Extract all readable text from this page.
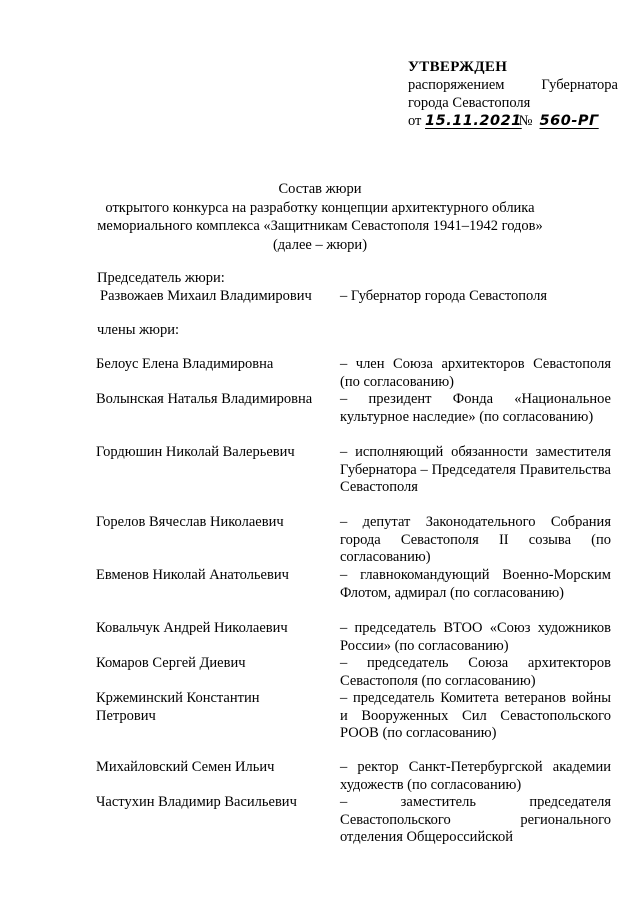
УТВЕРЖДЕН
распоряжением	Губернатора
города Севастополя
от 15.11.2021 № 560-РГ
Состав жюри
открытого конкурса на разработку концепции архитектурного облика
мемориального комплекса «Защитникам Севастополя 1941–1942 годов»
(далее – жюри)
Председатель жюри:
Развожаев Михаил Владимирович – Губернатор города Севастополя
члены жюри:
Белоус Елена Владимировна	– член Союза архитекторов Севастополя (по согласованию)
Волынская Наталья Владимировна – президент Фонда «Национальное культурное наследие» (по согласованию)
Гордюшин Николай Валерьевич	– исполняющий обязанности заместителя Губернатора – Председателя Правительства Севастополя
Горелов Вячеслав Николаевич	– депутат Законодательного Собрания города Севастополя II созыва (по согласованию)
Евменов Николай Анатольевич	– главнокомандующий Военно-Морским Флотом, адмирал (по согласованию)
Ковальчук Андрей Николаевич	– председатель ВТОО «Союз художников России» (по согласованию)
Комаров Сергей Диевич	– председатель Союза архитекторов Севастополя (по согласованию)
Кржеминский Константин Петрович
– председатель Комитета ветеранов войны и Вооруженных Сил Севастопольского РООВ (по согласованию)
Михайловский Семен Ильич	– ректор Санкт-Петербургской академии художеств (по согласованию)
Частухин Владимир Васильевич	– заместитель председателя Севастопольского регионального отделения Общероссийской
